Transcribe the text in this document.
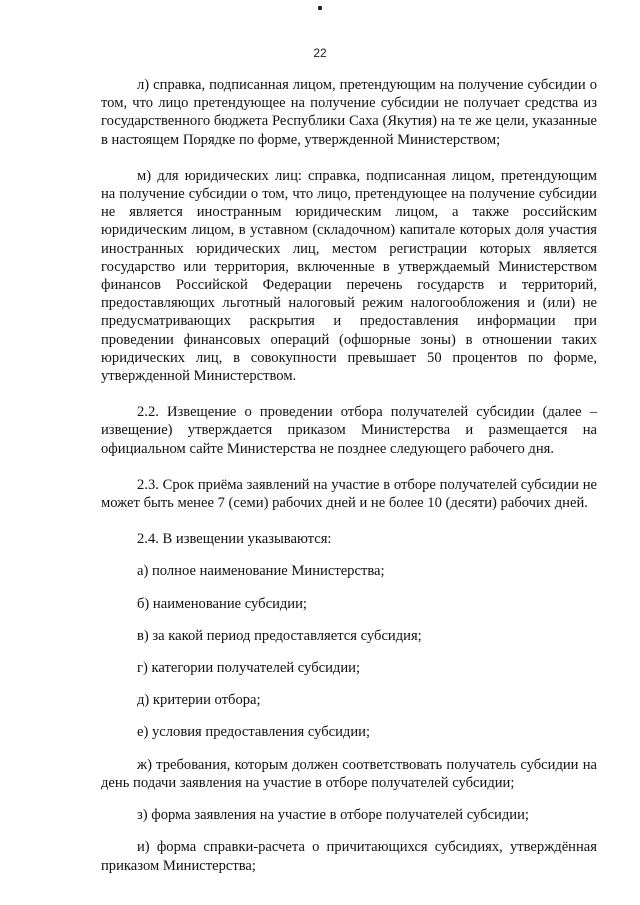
22

л) справка, подписанная лицом, претендующим на получение субсидии о том, что лицо претендующее на получение субсидии не получает средства из государственного бюджета Республики Саха (Якутия) на те же цели, указанные в настоящем Порядке по форме, утвержденной Министерством;

м) для юридических лиц: справка, подписанная лицом, претендующим на получение субсидии о том, что лицо, претендующее на получение субсидии не является иностранным юридическим лицом, а также российским юридическим лицом, в уставном (складочном) капитале которых доля участия иностранных юридических лиц, местом регистрации которых является государство или территория, включенные в утверждаемый Министерством финансов Российской Федерации перечень государств и территорий, предоставляющих льготный налоговый режим налогообложения и (или) не предусматривающих раскрытия и предоставления информации при проведении финансовых операций (офшорные зоны) в отношении таких юридических лиц, в совокупности превышает 50 процентов по форме, утвержденной Министерством.

2.2. Извещение о проведении отбора получателей субсидии (далее – извещение) утверждается приказом Министерства и размещается на официальном сайте Министерства не позднее следующего рабочего дня.

2.3. Срок приёма заявлений на участие в отборе получателей субсидии не может быть менее 7 (семи) рабочих дней и не более 10 (десяти) рабочих дней.

2.4. В извещении указываются:

а) полное наименование Министерства;

б) наименование субсидии;

в) за какой период предоставляется субсидия;

г) категории получателей субсидии;

д) критерии отбора;

е) условия предоставления субсидии;

ж) требования, которым должен соответствовать получатель субсидии на день подачи заявления на участие в отборе получателей субсидии;

з) форма заявления на участие в отборе получателей субсидии;

и) форма справки-расчета о причитающихся субсидиях, утверждённая приказом Министерства;
